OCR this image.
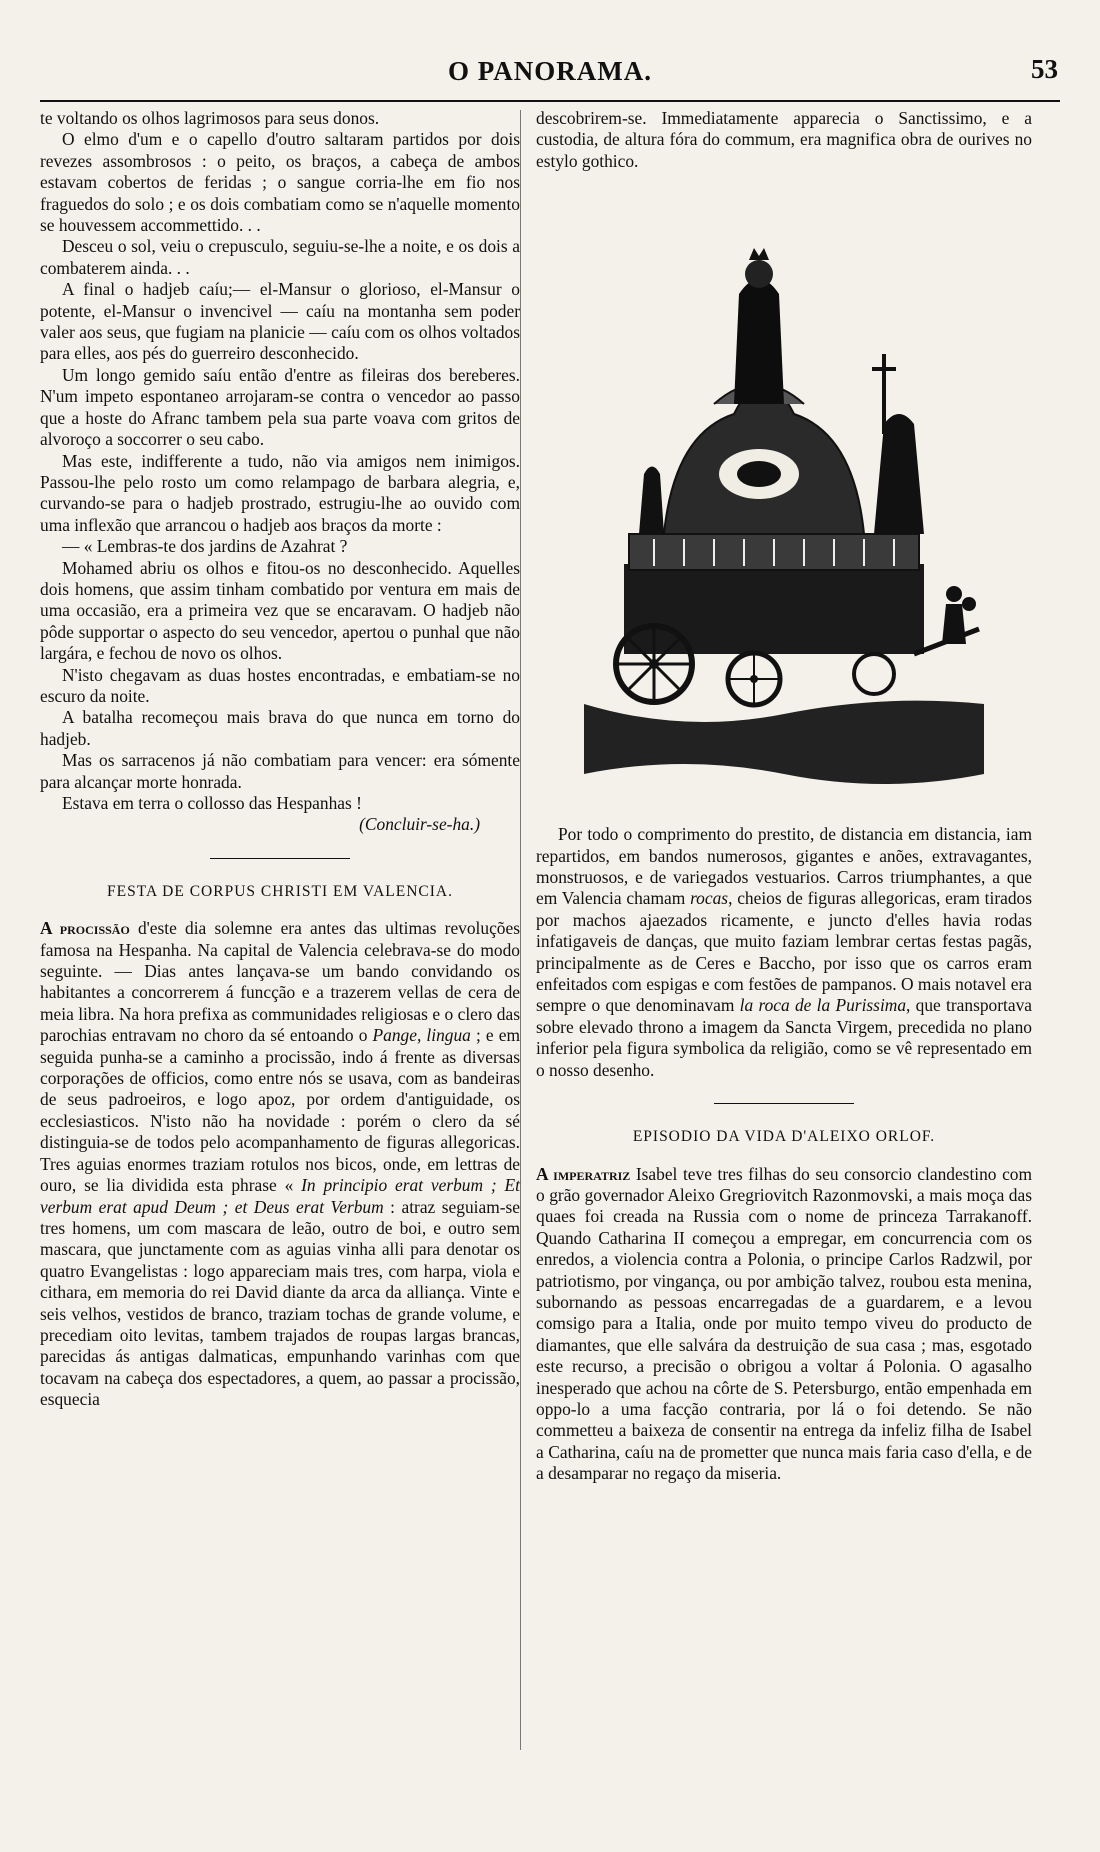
O PANORAMA.	53

te voltando os olhos lagrimosos para seus donos.

O elmo d'um e o capello d'outro saltaram partidos por dois revezes assombrosos : o peito, os braços, a cabeça de ambos estavam cobertos de feridas ; o sangue corria-lhe em fio nos fraguedos do solo ; e os dois combatiam como se n'aquelle momento se houvessem accommettido. . .

Desceu o sol, veiu o crepusculo, seguiu-se-lhe a noite, e os dois a combaterem ainda. . .

A final o hadjeb caíu;— el-Mansur o glorioso, el-Mansur o potente, el-Mansur o invencivel — caíu na montanha sem poder valer aos seus, que fugiam na planicie — caíu com os olhos voltados para elles, aos pés do guerreiro desconhecido.

Um longo gemido saíu então d'entre as fileiras dos bereberes. N'um impeto espontaneo arrojaram-se contra o vencedor ao passo que a hoste do Afranc tambem pela sua parte voava com gritos de alvoroço a soccorrer o seu cabo.

Mas este, indifferente a tudo, não via amigos nem inimigos. Passou-lhe pelo rosto um como relampago de barbara alegria, e, curvando-se para o hadjeb prostrado, estrugiu-lhe ao ouvido com uma inflexão que arrancou o hadjeb aos braços da morte :

— « Lembras-te dos jardins de Azahrat ?

Mohamed abriu os olhos e fitou-os no desconhecido. Aquelles dois homens, que assim tinham combatido por ventura em mais de uma occasião, era a primeira vez que se encaravam. O hadjeb não pôde supportar o aspecto do seu vencedor, apertou o punhal que não largára, e fechou de novo os olhos.

N'isto chegavam as duas hostes encontradas, e embatiam-se no escuro da noite.

A batalha recomeçou mais brava do que nunca em torno do hadjeb.

Mas os sarracenos já não combatiam para vencer: era sómente para alcançar morte honrada.

Estava em terra o collosso das Hespanhas !

(Concluir-se-ha.)

FESTA DE CORPUS CHRISTI EM VALENCIA.

A procissão d'este dia solemne era antes das ultimas revoluções famosa na Hespanha. Na capital de Valencia celebrava-se do modo seguinte. — Dias antes lançava-se um bando convidando os habitantes a concorrerem á funcção e a trazerem vellas de cera de meia libra. Na hora prefixa as communidades religiosas e o clero das parochias entravam no choro da sé entoando o Pange, lingua ; e em seguida punha-se a caminho a procissão, indo á frente as diversas corporações de officios, como entre nós se usava, com as bandeiras de seus padroeiros, e logo apoz, por ordem d'antiguidade, os ecclesiasticos. N'isto não ha novidade : porém o clero da sé distinguia-se de todos pelo acompanhamento de figuras allegoricas. Tres aguias enormes traziam rotulos nos bicos, onde, em lettras de ouro, se lia dividida esta phrase « In principio erat verbum ; Et verbum erat apud Deum ; et Deus erat Verbum : atraz seguiam-se tres homens, um com mascara de leão, outro de boi, e outro sem mascara, que junctamente com as aguias vinha alli para denotar os quatro Evangelistas : logo appareciam mais tres, com harpa, viola e cithara, em memoria do rei David diante da arca da alliança. Vinte e seis velhos, vestidos de branco, traziam tochas de grande volume, e precediam oito levitas, tambem trajados de roupas largas brancas, parecidas ás antigas dalmaticas, empunhando varinhas com que tocavam na cabeça dos espectadores, a quem, ao passar a procissão, esquecia

descobrirem-se. Immediatamente apparecia o Sanctissimo, e a custodia, de altura fóra do commum, era magnifica obra de ourives no estylo gothico.

Por todo o comprimento do prestito, de distancia em distancia, iam repartidos, em bandos numerosos, gigantes e anões, extravagantes, monstruosos, e de variegados vestuarios. Carros triumphantes, a que em Valencia chamam rocas, cheios de figuras allegoricas, eram tirados por machos ajaezados ricamente, e juncto d'elles havia rodas infatigaveis de danças, que muito faziam lembrar certas festas pagãs, principalmente as de Ceres e Baccho, por isso que os carros eram enfeitados com espigas e com festões de pampanos. O mais notavel era sempre o que denominavam la roca de la Purissima, que transportava sobre elevado throno a imagem da Sancta Virgem, precedida no plano inferior pela figura symbolica da religião, como se vê representado em o nosso desenho.

EPISODIO DA VIDA D'ALEIXO ORLOF.

A imperatriz Isabel teve tres filhas do seu consorcio clandestino com o grão governador Aleixo Gregriovitch Razonmovski, a mais moça das quaes foi creada na Russia com o nome de princeza Tarrakanoff. Quando Catharina II começou a empregar, em concurrencia com os enredos, a violencia contra a Polonia, o principe Carlos Radzwil, por patriotismo, por vingança, ou por ambição talvez, roubou esta menina, subornando as pessoas encarregadas de a guardarem, e a levou comsigo para a Italia, onde por muito tempo viveu do producto de diamantes, que elle salvára da destruição de sua casa ; mas, esgotado este recurso, a precisão o obrigou a voltar á Polonia. O agasalho inesperado que achou na côrte de S. Petersburgo, então empenhada em oppo-lo a uma facção contraria, por lá o foi detendo. Se não commetteu a baixeza de consentir na entrega da infeliz filha de Isabel a Catharina, caíu na de prometter que nunca mais faria caso d'ella, e de a desamparar no regaço da miseria.
